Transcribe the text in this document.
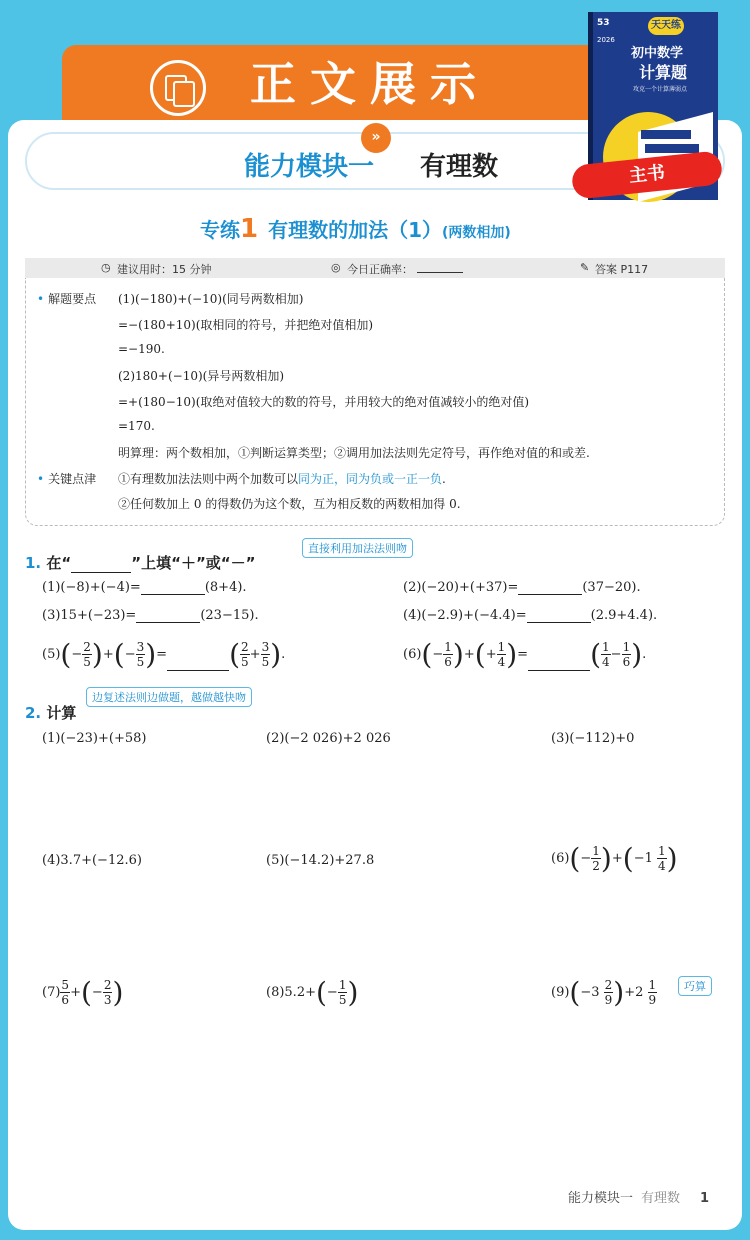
正文展示
»
能力模块一 有理数
53
2026
天天练
初中数学
计算题
攻克一个计算薄弱点
主书
专练1 有理数的加法（1）(两数相加)
◷ 建议用时：15 分钟	◎ 今日正确率：	✎ 答案 P117
• 解题要点 (1)(−180)+(−10)(同号两数相加)
=−(180+10)(取相同的符号，并把绝对值相加)
=−190.
(2)180+(−10)(异号两数相加)
=+(180−10)(取绝对值较大的数的符号，并用较大的绝对值减较小的绝对值)
=170.
明算理：两个数相加，①判断运算类型；②调用加法法则先定符号，再作绝对值的和或差.
• 关键点津 ①有理数加法法则中两个加数可以同为正，同为负或一正一负.
②任何数加上 0 的得数仍为这个数，互为相反数的两数相加得 0.
1. 在“	”上填“＋”或“－”
直接利用加法法则吻
(1)(−8)+(−4)=	(8+4).	(2)(−20)+(+37)=	(37−20).
(3)15+(−23)=	(23−15).	(4)(−2.9)+(−4.4)=	(2.9+4.4).
$(5)(- \frac{2}{5}$ )+(− $\frac{3}{5}$ )= ( $\frac{2}{5} + \frac{3}{5}$ ).	$(6)(- \frac{1}{6}$ )+(+ $\frac{1}{4}$ )= ( $\frac{1}{4} - \frac{1}{6}$ ).
2. 计算
边复述法则边做题，越做越快吻
(1)(−23)+(+58)	(2)(−2 026)+2 026	(3)(−112)+0
(4)3.7+(−12.6)	(5)(−14.2)+27.8	$(6)(- \frac{1}{2} )+(-1 \frac{1}{4}$ )
$(7) \frac{5}{6}$ +(− $\frac{2}{3}$ )	$(8)5.2+(- \frac{1}{5}$ )	$(9)(-3 \frac{2}{9} )+2 \frac{1}{9}$	巧算
能力模块一 有理数 1
